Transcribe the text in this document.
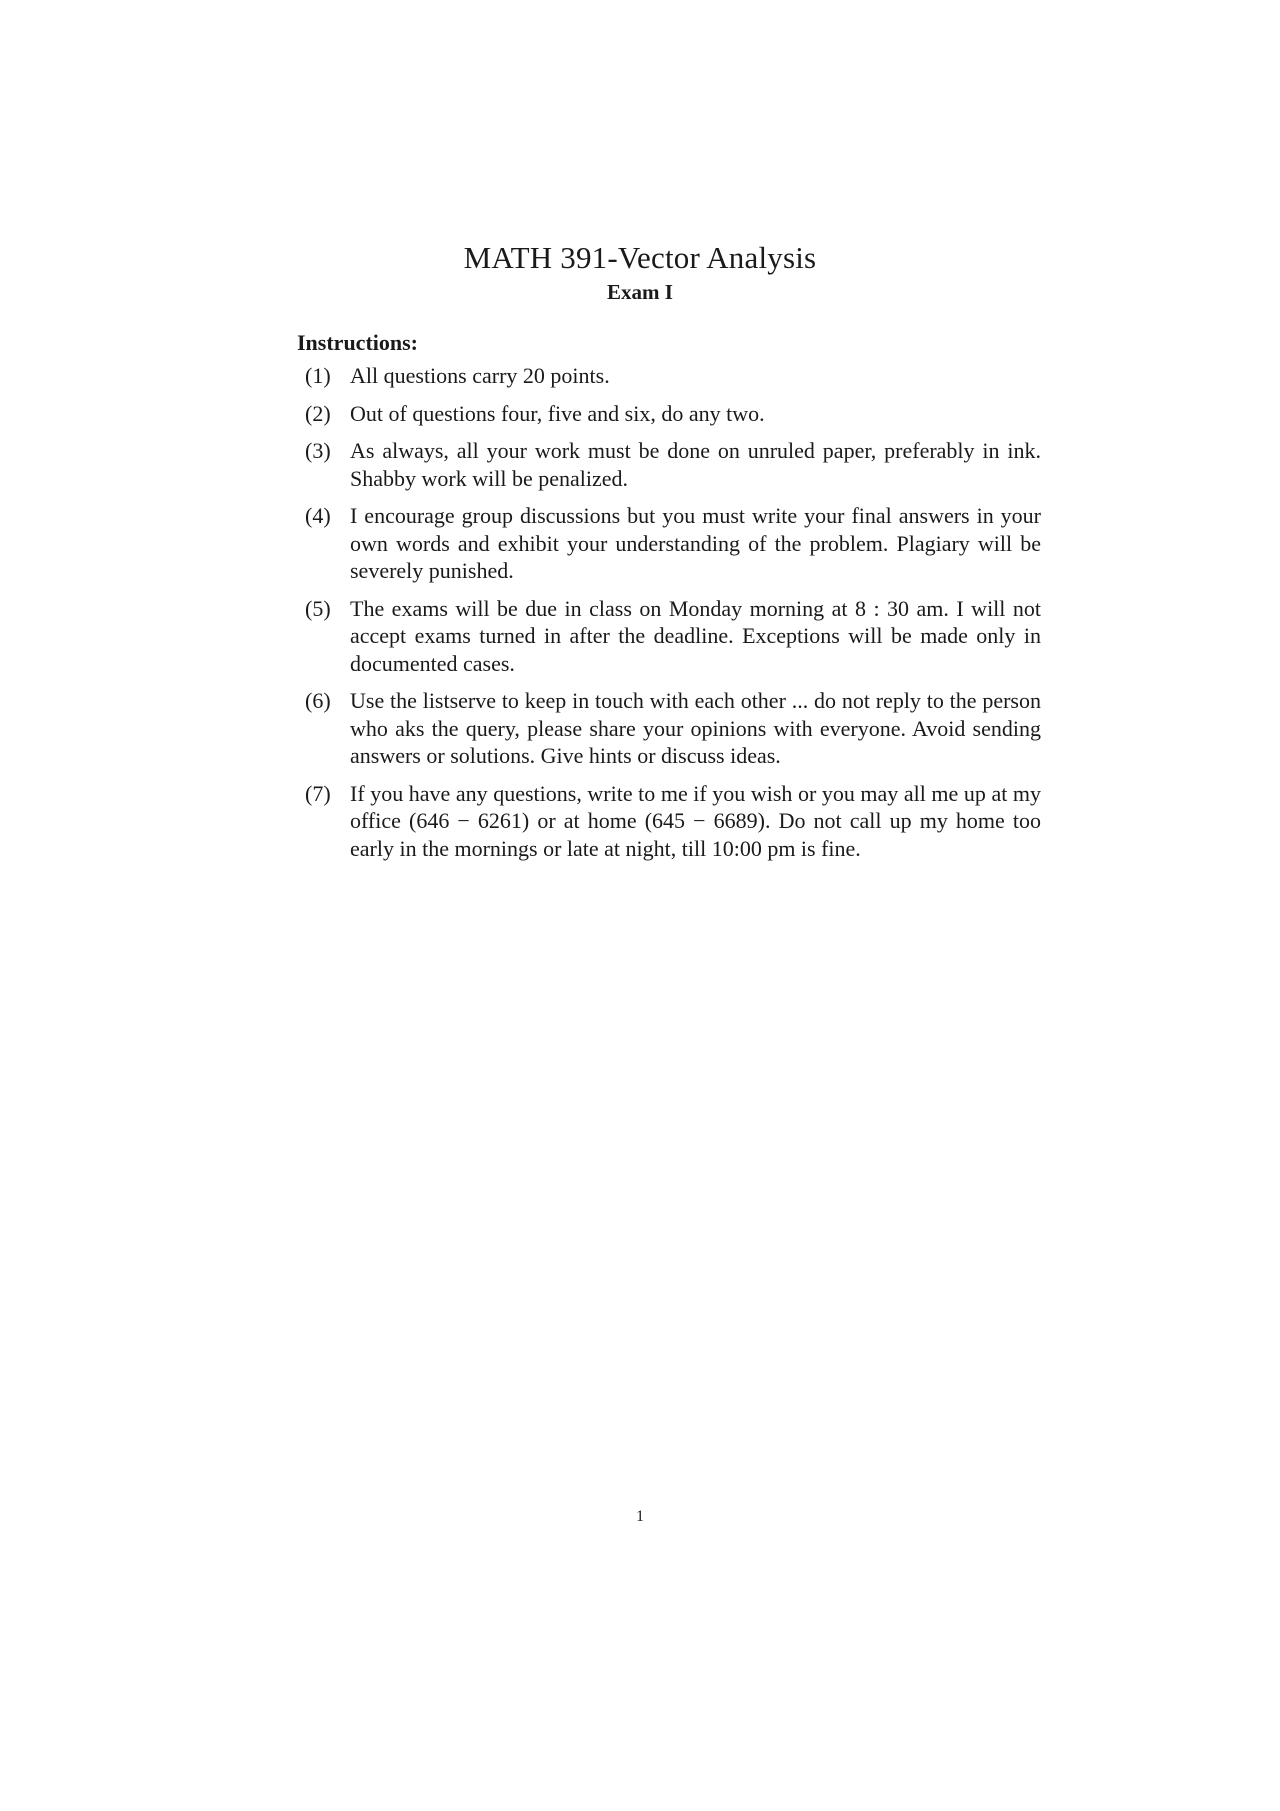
MATH 391-Vector Analysis
Exam I
Instructions:
(1) All questions carry 20 points.
(2) Out of questions four, five and six, do any two.
(3) As always, all your work must be done on unruled paper, preferably in ink. Shabby work will be penalized.
(4) I encourage group discussions but you must write your final answers in your own words and exhibit your understanding of the problem. Plagiary will be severely punished.
(5) The exams will be due in class on Monday morning at 8 : 30 am. I will not accept exams turned in after the deadline. Exceptions will be made only in documented cases.
(6) Use the listserve to keep in touch with each other ... do not reply to the person who aks the query, please share your opinions with everyone. Avoid sending answers or solutions. Give hints or discuss ideas.
(7) If you have any questions, write to me if you wish or you may all me up at my office (646 − 6261) or at home (645 − 6689). Do not call up my home too early in the mornings or late at night, till 10:00 pm is fine.
1
